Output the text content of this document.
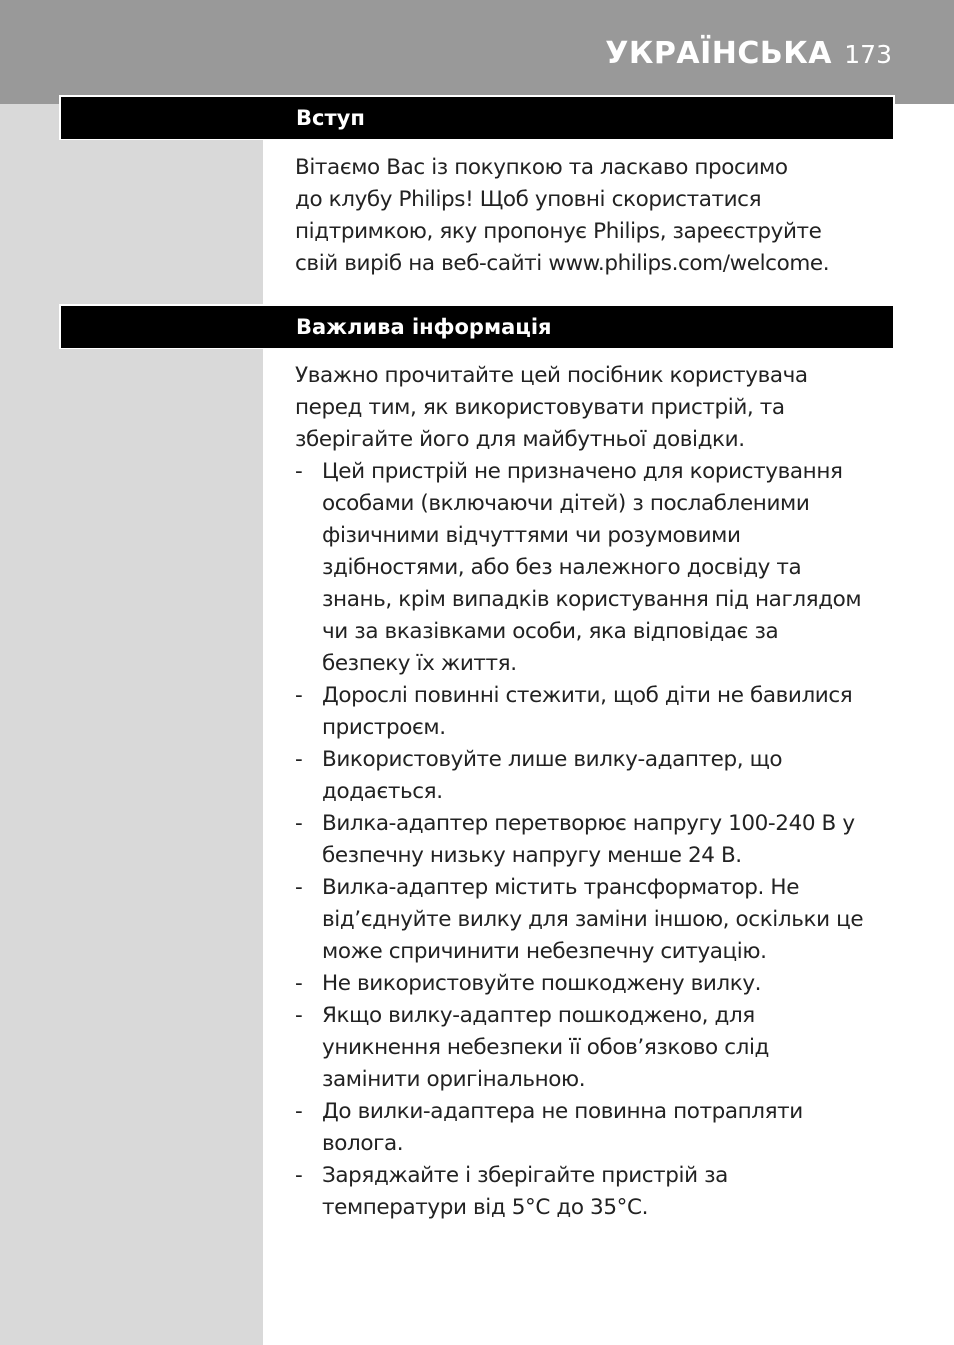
УКРАЇНСЬКА 173
Вступ

Вітаємо Вас із покупкою та ласкаво просимо
до клубу Philips! Щоб уповні скористатися
підтримкою, яку пропонує Philips, зареєструйте
свій виріб на веб-сайті www.philips.com/welcome.

Важлива інформація

Уважно прочитайте цей посібник користувача
перед тим, як використовувати пристрій, та
зберігайте його для майбутньої довідки.

- Цей пристрій не призначено для користування
особами (включаючи дітей) з послабленими
фізичними відчуттями чи розумовими
здібностями, або без належного досвіду та
знань, крім випадків користування під наглядом
чи за вказівками особи, яка відповідає за
безпеку їх життя.
- Дорослі повинні стежити, щоб діти не бавилися
пристроєм.
- Використовуйте лише вилку-адаптер, що
додається.
- Вилка-адаптер перетворює напругу 100-240 В у
безпечну низьку напругу менше 24 В.
- Вилка-адаптер містить трансформатор. Не
від’єднуйте вилку для заміни іншою, оскільки це
може спричинити небезпечну ситуацію.
- Не використовуйте пошкоджену вилку.
- Якщо вилку-адаптер пошкоджено, для
уникнення небезпеки її обов’язково слід
замінити оригінальною.
- До вилки-адаптера не повинна потрапляти
вологa.
- Заряджайте і зберігайте пристрій за
температури від 5°C до 35°C.
